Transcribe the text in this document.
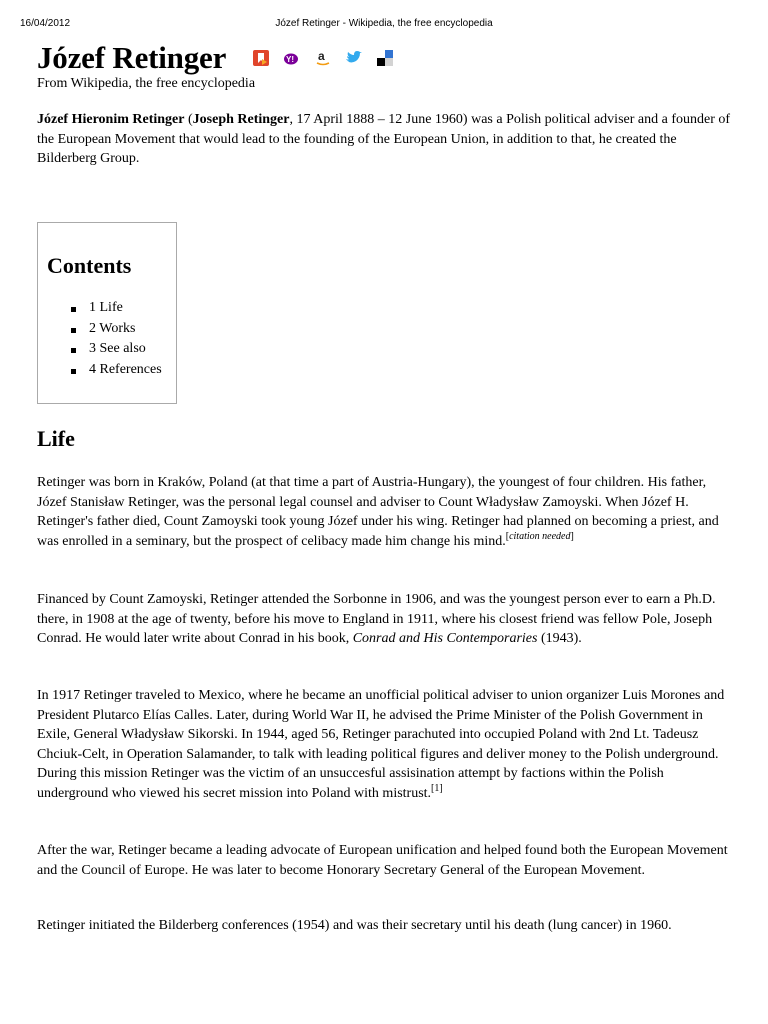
16/04/2012	Józef Retinger - Wikipedia, the free encyclopedia
Józef Retinger	Y! a
From Wikipedia, the free encyclopedia

Józef Hieronim Retinger (Joseph Retinger, 17 April 1888 – 12 June 1960) was a Polish political adviser and a founder of the European Movement that would lead to the founding of the European Union, in addition to that, he created the Bilderberg Group.

Contents
1 Life
2 Works
3 See also
4 References
Life

Retinger was born in Kraków, Poland (at that time a part of Austria-Hungary), the youngest of four children. His father, Józef Stanisław Retinger, was the personal legal counsel and adviser to Count Władysław Zamoyski. When Józef H. Retinger's father died, Count Zamoyski took young Józef under his wing. Retinger had planned on becoming a priest, and was enrolled in a seminary, but the prospect of celibacy made him change his mind.[citation needed]

Financed by Count Zamoyski, Retinger attended the Sorbonne in 1906, and was the youngest person ever to earn a Ph.D. there, in 1908 at the age of twenty, before his move to England in 1911, where his closest friend was fellow Pole, Joseph Conrad. He would later write about Conrad in his book, Conrad and His Contemporaries (1943).

In 1917 Retinger traveled to Mexico, where he became an unofficial political adviser to union organizer Luis Morones and President Plutarco Elías Calles. Later, during World War II, he advised the Prime Minister of the Polish Government in Exile, General Władysław Sikorski. In 1944, aged 56, Retinger parachuted into occupied Poland with 2nd Lt. Tadeusz Chciuk-Celt, in Operation Salamander, to talk with leading political figures and deliver money to the Polish underground. During this mission Retinger was the victim of an unsuccesful assisination attempt by factions within the Polish underground who viewed his secret mission into Poland with mistrust.[1]

After the war, Retinger became a leading advocate of European unification and helped found both the European Movement and the Council of Europe. He was later to become Honorary Secretary General of the European Movement.

Retinger initiated the Bilderberg conferences (1954) and was their secretary until his death (lung cancer) in 1960.
